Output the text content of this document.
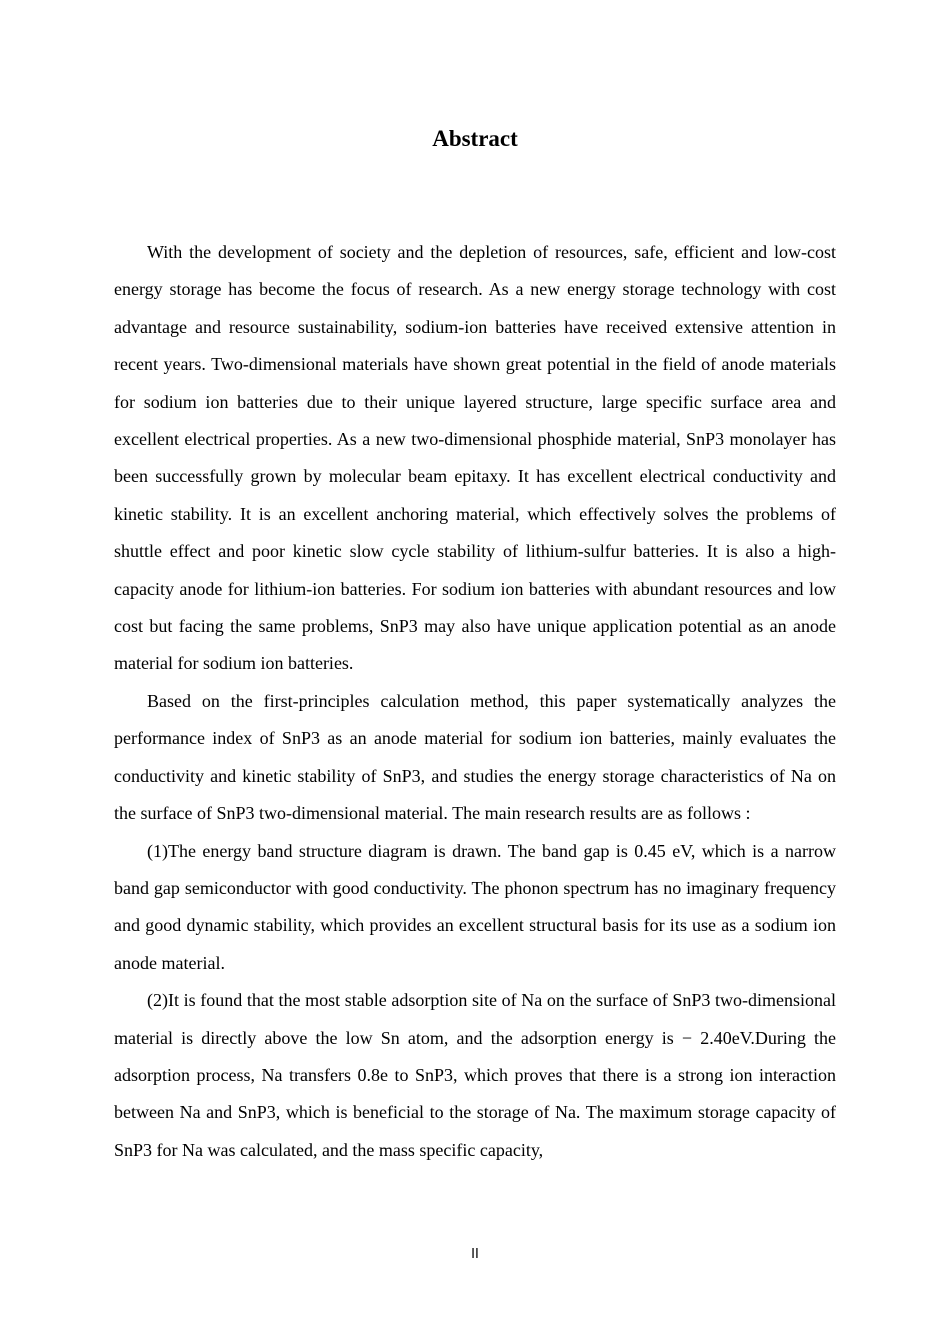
Abstract

With the development of society and the depletion of resources, safe, efficient and low-cost energy storage has become the focus of research. As a new energy storage technology with cost advantage and resource sustainability, sodium-ion batteries have received extensive attention in recent years. Two-dimensional materials have shown great potential in the field of anode materials for sodium ion batteries due to their unique layered structure, large specific surface area and excellent electrical properties. As a new two-dimensional phosphide material, SnP3 monolayer has been successfully grown by molecular beam epitaxy. It has excellent electrical conductivity and kinetic stability. It is an excellent anchoring material, which effectively solves the problems of shuttle effect and poor kinetic slow cycle stability of lithium-sulfur batteries. It is also a high-capacity anode for lithium-ion batteries. For sodium ion batteries with abundant resources and low cost but facing the same problems, SnP3 may also have unique application potential as an anode material for sodium ion batteries.

Based on the first-principles calculation method, this paper systematically analyzes the performance index of SnP3 as an anode material for sodium ion batteries, mainly evaluates the conductivity and kinetic stability of SnP3, and studies the energy storage characteristics of Na on the surface of SnP3 two-dimensional material. The main research results are as follows :

(1)The energy band structure diagram is drawn. The band gap is 0.45 eV, which is a narrow band gap semiconductor with good conductivity. The phonon spectrum has no imaginary frequency and good dynamic stability, which provides an excellent structural basis for its use as a sodium ion anode material.

(2)It is found that the most stable adsorption site of Na on the surface of SnP3 two-dimensional material is directly above the low Sn atom, and the adsorption energy is − 2.40eV.During the adsorption process, Na transfers 0.8e to SnP3, which proves that there is a strong ion interaction between Na and SnP3, which is beneficial to the storage of Na. The maximum storage capacity of SnP3 for Na was calculated, and the mass specific capacity,

II
